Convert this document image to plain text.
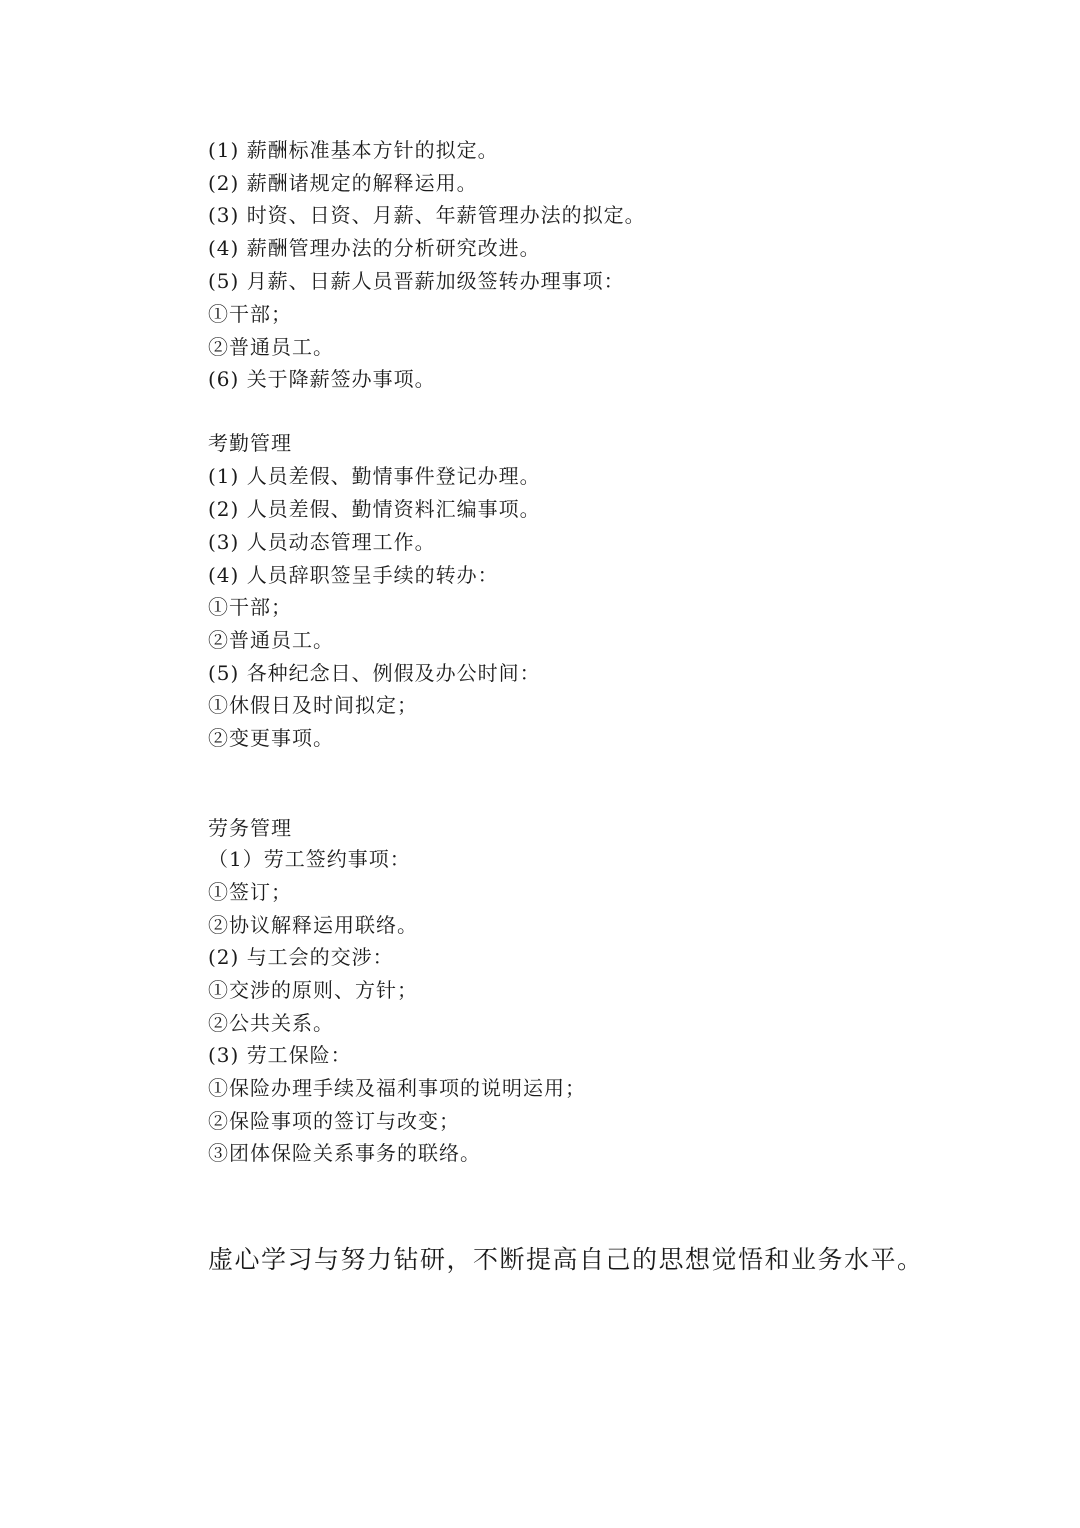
(1) 薪酬标准基本方针的拟定。
(2) 薪酬诸规定的解释运用。
(3) 时资、日资、月薪、年薪管理办法的拟定。
(4) 薪酬管理办法的分析研究改进。
(5) 月薪、日薪人员晋薪加级签转办理事项：
①干部；
②普通员工。
(6) 关于降薪签办事项。
考勤管理
(1) 人员差假、勤情事件登记办理。
(2) 人员差假、勤情资料汇编事项。
(3) 人员动态管理工作。
(4) 人员辞职签呈手续的转办：
①干部；
②普通员工。
(5) 各种纪念日、例假及办公时间：
①休假日及时间拟定；
②变更事项。
劳务管理
（1）劳工签约事项：
①签订；
②协议解释运用联络。
(2) 与工会的交涉：
①交涉的原则、方针；
②公共关系。
(3) 劳工保险：
①保险办理手续及福利事项的说明运用；
②保险事项的签订与改变；
③团体保险关系事务的联络。
虚心学习与努力钻研，不断提高自己的思想觉悟和业务水平。
